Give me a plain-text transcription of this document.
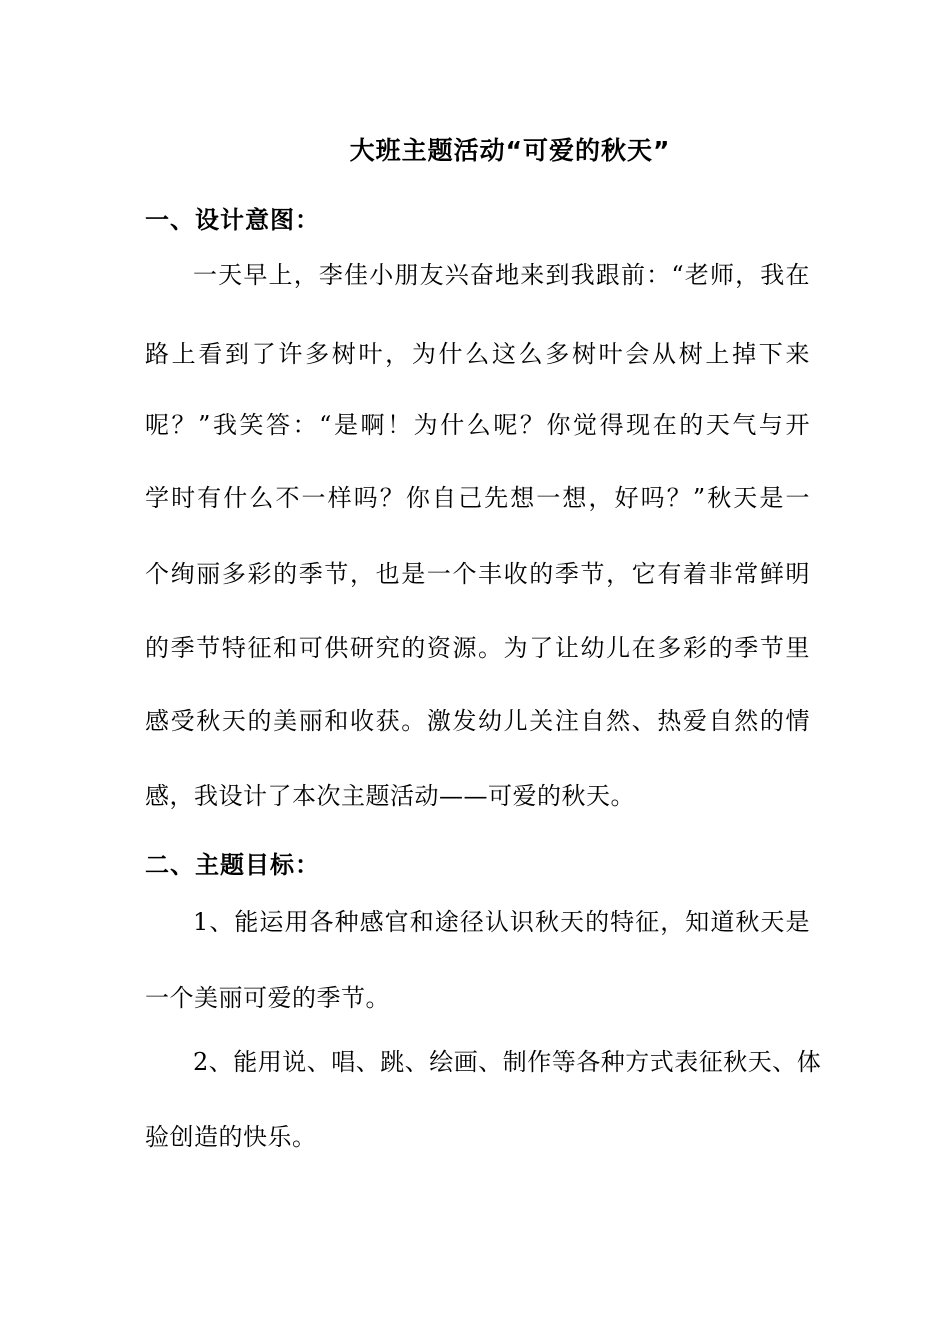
大班主题活动“可爱的秋天”
一、设计意图：
一天早上，李佳小朋友兴奋地来到我跟前：“老师，我在
路上看到了许多树叶，为什么这么多树叶会从树上掉下来
呢？”我笑答：“是啊！为什么呢？你觉得现在的天气与开
学时有什么不一样吗？你自己先想一想，好吗？”秋天是一
个绚丽多彩的季节，也是一个丰收的季节，它有着非常鲜明
的季节特征和可供研究的资源。为了让幼儿在多彩的季节里
感受秋天的美丽和收获。激发幼儿关注自然、热爱自然的情
感，我设计了本次主题活动——可爱的秋天。
二、主题目标：
1、能运用各种感官和途径认识秋天的特征，知道秋天是
一个美丽可爱的季节。
2、能用说、唱、跳、绘画、制作等各种方式表征秋天、体
验创造的快乐。
